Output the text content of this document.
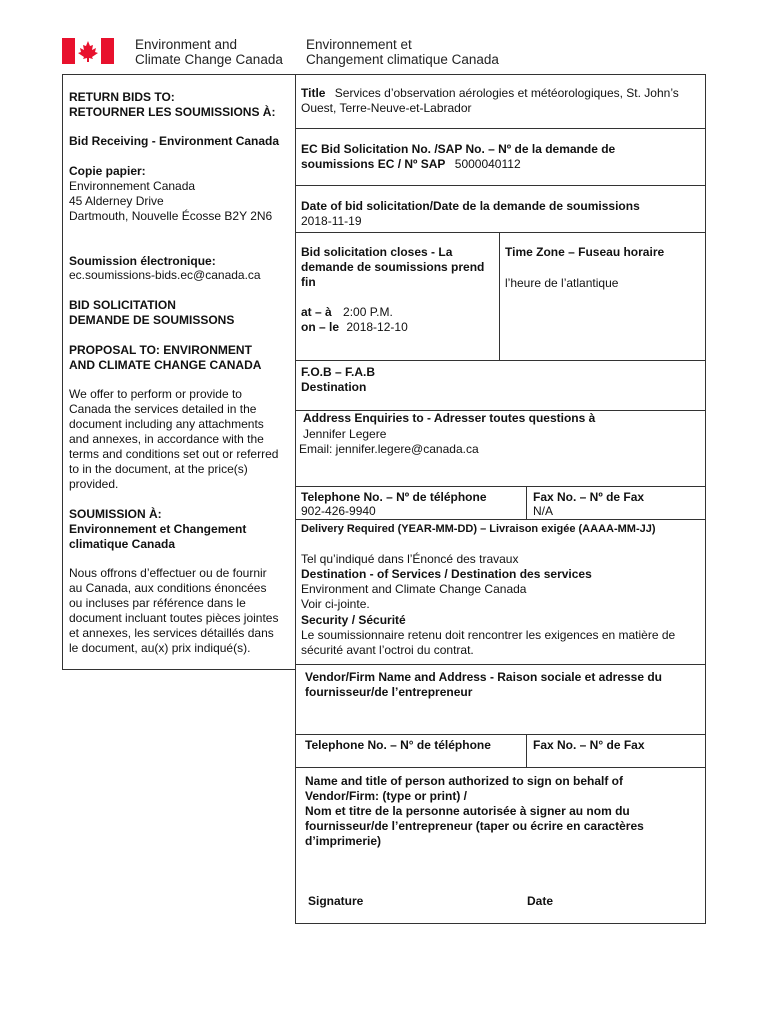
Environment and
Climate Change Canada
Environnement et
Changement climatique Canada
RETURN BIDS TO:
RETOURNER LES SOUMISSIONS À:
Bid Receiving - Environment Canada
Copie papier:
Environnement Canada
45 Alderney Drive
Dartmouth, Nouvelle Écosse B2Y 2N6
Soumission électronique:
ec.soumissions-bids.ec@canada.ca
BID SOLICITATION
DEMANDE DE SOUMISSONS
PROPOSAL TO: ENVIRONMENT
AND CLIMATE CHANGE CANADA
We offer to perform or provide to
Canada the services detailed in the
document including any attachments
and annexes, in accordance with the
terms and conditions set out or referred
to in the document, at the price(s)
provided.
SOUMISSION À:
Environnement et Changement
climatique Canada
Nous offrons d’effectuer ou de fournir
au Canada, aux conditions énoncées
ou incluses par référence dans le
document incluant toutes pièces jointes
et annexes, les services détaillés dans
le document, au(x) prix indiqué(s).
Title Services d’observation aérologies et météorologiques, St. John’s
Ouest, Terre-Neuve-et-Labrador
EC Bid Solicitation No. /SAP No. – Nº de la demande de
soumissions EC / Nº SAP 5000040112
Date of bid solicitation/Date de la demande de soumissions
2018-11-19
Bid solicitation closes - La
demande de soumissions prend
fin
Time Zone – Fuseau horaire
l’heure de l’atlantique
at – à 2:00 P.M.
on – le 2018-12-10
F.O.B – F.A.B
Destination
Address Enquiries to - Adresser toutes questions à
Jennifer Legere
Email: jennifer.legere@canada.ca
Telephone No. – Nº de téléphone
902-426-9940
Fax No. – Nº de Fax
N/A
Delivery Required (YEAR-MM-DD) – Livraison exigée (AAAA-MM-JJ)
Tel qu’indiqué dans l’Énoncé des travaux
Destination - of Services / Destination des services
Environment and Climate Change Canada
Voir ci-jointe.
Security / Sécurité
Le soumissionnaire retenu doit rencontrer les exigences en matière de
sécurité avant l’octroi du contrat.
Vendor/Firm Name and Address - Raison sociale et adresse du
fournisseur/de l’entrepreneur
Telephone No. – N° de téléphone	Fax No. – N° de Fax
Name and title of person authorized to sign on behalf of
Vendor/Firm: (type or print) /
Nom et titre de la personne autorisée à signer au nom du
fournisseur/de l’entrepreneur (taper ou écrire en caractères
d’imprimerie)
Signature	Date
